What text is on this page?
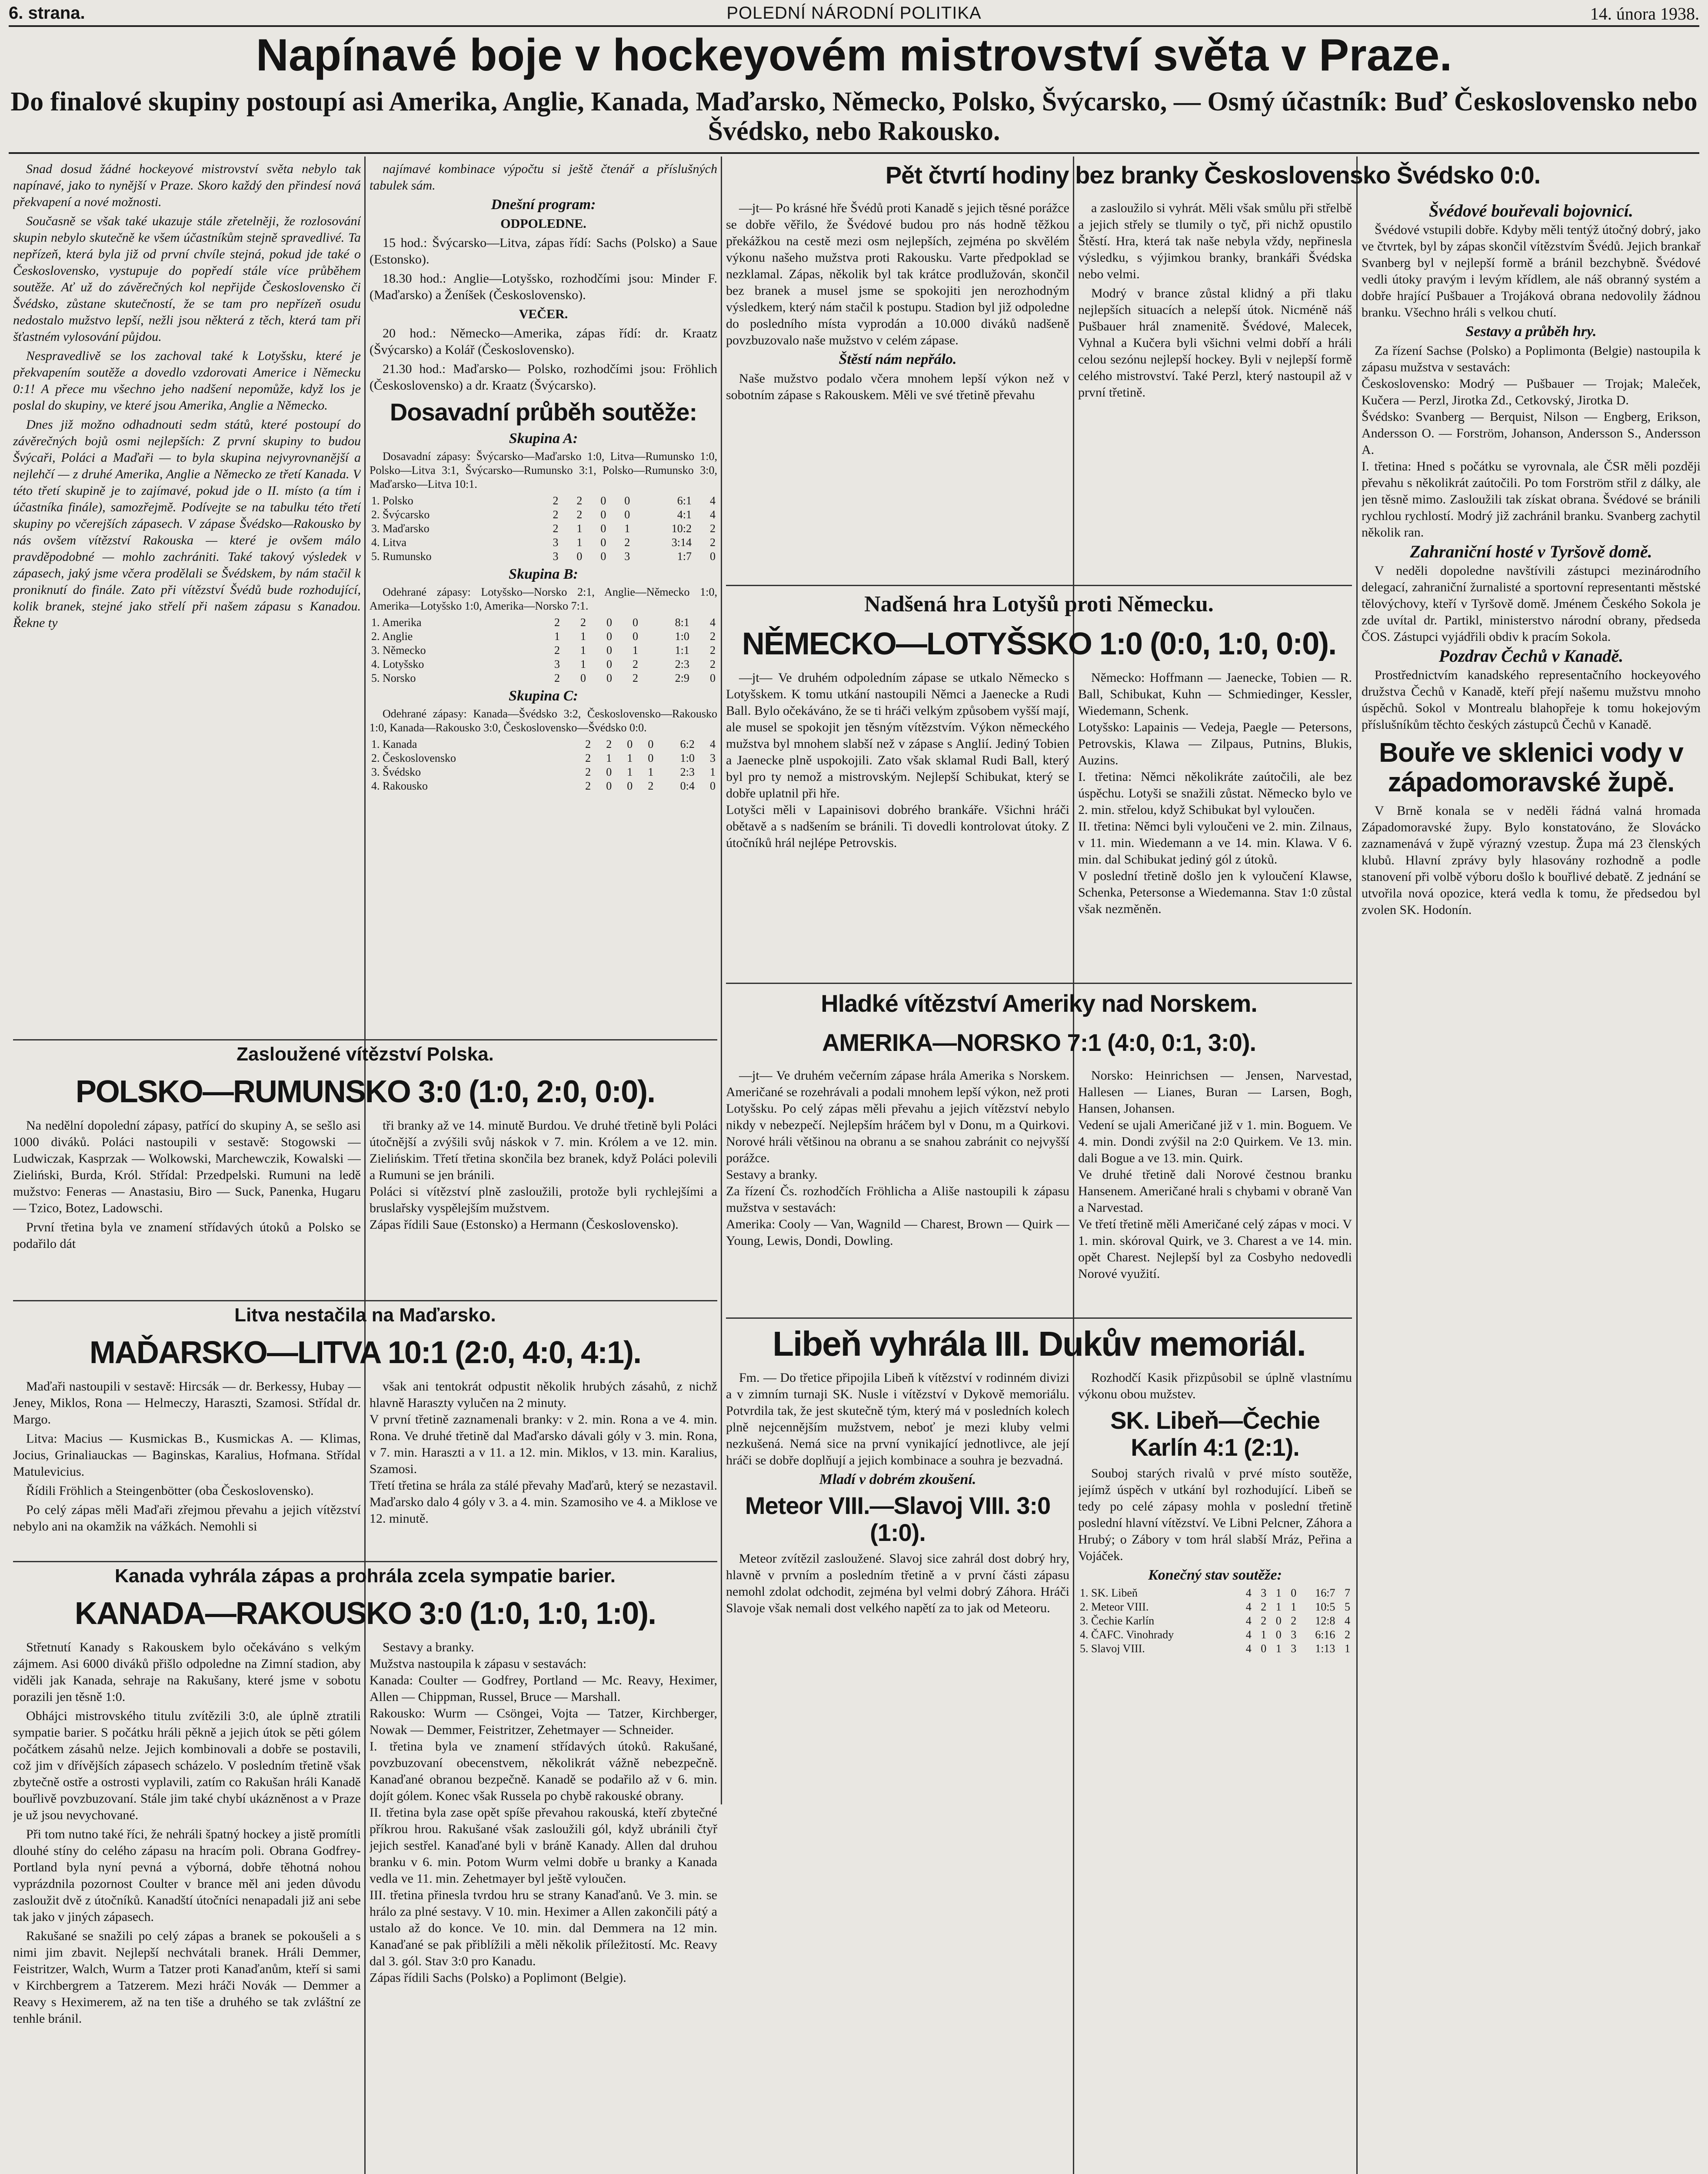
6. strana.	POLEDNÍ NÁRODNÍ POLITIKA	14. února 1938.
Napínavé boje v hockeyovém mistrovství světa v Praze.
Do finalové skupiny postoupí asi Amerika, Anglie, Kanada, Maďarsko, Německo, Polsko, Švýcarsko, — Osmý účastník: Buď Československo nebo Švédsko, nebo Rakousko.

Snad dosud žádné hockeyové mistrovství světa nebylo tak napínavé, jako to nynější v Praze. Skoro každý den přindesí nová překvapení a nové možnosti.

Současně se však také ukazuje stále zřetelněji, že rozlosování skupin nebylo skutečně ke všem účastníkům stejně spravedlivé. Ta nepřízeň, která byla již od první chvíle stejná, pokud jde také o Československo, vystupuje do popředí stále více průběhem soutěže. Ať už do závěrečných kol nepřijde Československo či Švédsko, zůstane skutečností, že se tam pro nepřízeň osudu nedostalo mužstvo lepší, nežli jsou některá z těch, která tam při šťastném vylosování půjdou.

Nespravedlivě se los zachoval také k Lotyšsku, které je překvapením soutěže a dovedlo vzdorovati Americe i Německu 0:1! A přece mu všechno jeho nadšení nepomůže, když los je poslal do skupiny, ve které jsou Amerika, Anglie a Německo.

Dnes již možno odhadnouti sedm států, které postoupí do závěrečných bojů osmi nejlepších: Z první skupiny to budou Švýcaři, Poláci a Maďaři — to byla skupina nejvyrovnanější a nejlehčí — z druhé Amerika, Anglie a Německo ze třetí Kanada. V této třetí skupině je to zajímavé, pokud jde o II. místo (a tím i účastníka finále), samozřejmě. Podívejte se na tabulku této třetí skupiny po včerejších zápasech. V zápase Švédsko—Rakousko by nás ovšem vítězství Rakouska — které je ovšem málo pravděpodobné — mohlo zachrániti. Také takový výsledek v zápasech, jaký jsme včera prodělali se Švédskem, by nám stačil k proniknutí do finále. Zato při vítězství Švédů bude rozhodující, kolik branek, stejné jako střelí při našem zápasu s Kanadou. Řekne ty

Zasloužené vítězství Polska.
POLSKO—RUMUNSKO 3:0 (1:0, 2:0, 0:0).

Na nedělní dopolední zápasy, patřící do skupiny A, se sešlo asi 1000 diváků. Poláci nastoupili v sestavě: Stogowski — Ludwiczak, Kasprzak — Wolkowski, Marchewczik, Kowalski — Zieliński, Burda, Król. Střídal: Przedpelski. Rumuni na ledě mužstvo: Feneras — Anastasiu, Biro — Suck, Panenka, Hugaru — Tzico, Botez, Ladowschi.

První třetina byla ve znamení střídavých útoků a Polsko se podařilo dát

tři branky až ve 14. minutě Burdou. Ve druhé třetině byli Poláci útočnější a zvýšili svůj náskok v 7. min. Królem a ve 12. min. Zielińskim. Třetí třetina skončila bez branek, když Poláci polevili a Rumuni se jen bránili.
Poláci si vítězství plně zasloužili, protože byli rychlejšími a bruslařsky vyspělejším mužstvem.
Zápas řídili Saue (Estonsko) a Hermann (Československo).

Litva nestačila na Maďarsko.
MAĎARSKO—LITVA 10:1 (2:0, 4:0, 4:1).

Maďaři nastoupili v sestavě: Hircsák — dr. Berkessy, Hubay — Jeney, Miklos, Rona — Helmeczy, Haraszti, Szamosi. Střídal dr. Margo.

Litva: Macius — Kusmickas B., Kusmickas A. — Klimas, Jocius, Grinaliauckas — Baginskas, Karalius, Hofmana. Střídal Matulevicius.

Řídili Fröhlich a Steingenbötter (oba Československo).

Po celý zápas měli Maďaři zřejmou převahu a jejich vítězství nebylo ani na okamžik na vážkách. Nemohli si

však ani tentokrát odpustit několik hrubých zásahů, z nichž hlavně Haraszty vylučen na 2 minuty.
V první třetině zaznamenali branky: v 2. min. Rona a ve 4. min. Rona. Ve druhé třetině dal Maďarsko dávali góly v 3. min. Rona, v 7. min. Haraszti a v 11. a 12. min. Miklos, v 13. min. Karalius, Szamosi.
Třetí třetina se hrála za stálé převahy Maďarů, který se nezastavil. Maďarsko dalo 4 góly v 3. a 4. min. Szamosiho ve 4. a Miklose ve 12. minutě.

Kanada vyhrála zápas a prohrála zcela sympatie barier.
KANADA—RAKOUSKO 3:0 (1:0, 1:0, 1:0).

Střetnutí Kanady s Rakouskem bylo očekáváno s velkým zájmem. Asi 6000 diváků přišlo odpoledne na Zimní stadion, aby viděli jak Kanada, sehraje na Rakušany, které jsme v sobotu porazili jen těsně 1:0.

Obhájci mistrovského titulu zvítězili 3:0, ale úplně ztratili sympatie barier. S počátku hráli pěkně a jejich útok se pěti gólem počátkem zásahů nelze. Jejich kombinovali a dobře se postavili, což jim v dřívějších zápasech scházelo. V posledním třetině však zbytečně ostře a ostrosti vyplavili, zatím co Rakušan hráli Kanadě bouřlivě povzbuzovaní. Stále jim také chybí ukázněnost a v Praze je už jsou nevychované.

Při tom nutno také říci, že nehráli špatný hockey a jistě promítli dlouhé stíny do celého zápasu na hracím poli. Obrana Godfrey-Portland byla nyní pevná a výborná, dobře těhotná nohou vyprázdnila pozornost Coulter v brance měl ani jeden důvodu zasloužit dvě z útočníků. Kanadští útočníci nenapadali již ani sebe tak jako v jiných zápasech.

Rakušané se snažili po celý zápas a branek se pokoušeli a s nimi jim zbavit. Nejlepší nechvátali branek. Hráli Demmer, Feistritzer, Walch, Wurm a Tatzer proti Kanaďanům, kteří si sami v Kirchbergrem a Tatzerem. Mezi hráči Novák — Demmer a Reavy s Heximerem, až na ten tiše a druhého se tak zvláštní ze tenhle bránil.

Sestavy a branky.
Mužstva nastoupila k zápasu v sestavách:
Kanada: Coulter — Godfrey, Portland — Mc. Reavy, Heximer, Allen — Chippman, Russel, Bruce — Marshall.
Rakousko: Wurm — Csöngei, Vojta — Tatzer, Kirchberger, Nowak — Demmer, Feistritzer, Zehetmayer — Schneider.
I. třetina byla ve znamení střídavých útoků. Rakušané, povzbuzovaní obecenstvem, několikrát vážně nebezpečně. Kanaďané obranou bezpečně. Kanadě se podařilo až v 6. min. dojít gólem. Konec však Russela po chybě rakouské obrany.
II. třetina byla zase opět spíše převahou rakouská, kteří zbytečné příkrou hrou. Rakušané však zasloužili gól, když ubránili čtyř jejich sestřel. Kanaďané byli v bráně Kanady. Allen dal druhou branku v 6. min. Potom Wurm velmi dobře u branky a Kanada vedla ve 11. min. Zehetmayer byl ještě vyloučen.
III. třetina přinesla tvrdou hru se strany Kanaďanů. Ve 3. min. se hrálo za plné sestavy. V 10. min. Heximer a Allen zakončili pátý a ustalo až do konce. Ve 10. min. dal Demmera na 12 min. Kanaďané se pak přiblížili a měli několik příležitostí. Mc. Reavy dal 3. gól. Stav 3:0 pro Kanadu.
Zápas řídili Sachs (Polsko) a Poplimont (Belgie).

najímavé kombinace výpočtu si ještě čtenář a příslušných tabulek sám.

Dnešní program:

ODPOLEDNE.

15 hod.: Švýcarsko—Litva, zápas řídí: Sachs (Polsko) a Saue (Estonsko).

18.30 hod.: Anglie—Lotyšsko, rozhodčími jsou: Minder F. (Maďarsko) a Ženíšek (Československo).

VEČER.

20 hod.: Německo—Amerika, zápas řídí: dr. Kraatz (Švýcarsko) a Kolář (Československo).

21.30 hod.: Maďarsko— Polsko, rozhodčími jsou: Fröhlich (Československo) a dr. Kraatz (Švýcarsko).

Dosavadní průběh soutěže:
Skupina A:

Dosavadní zápasy: Švýcarsko—Maďarsko 1:0, Litva—Rumunsko 1:0, Polsko—Litva 3:1, Švýcarsko—Rumunsko 3:1, Polsko—Rumunsko 3:0, Maďarsko—Litva 10:1.

1. Polsko	2	2	0	0	6:1	4
2. Švýcarsko	2	2	0	0	4:1	4
3. Maďarsko	2	1	0	1	10:2	2
4. Litva	3	1	0	2	3:14	2
5. Rumunsko	3	0	0	3	1:7	0
Skupina B:

Odehrané zápasy: Lotyšsko—Norsko 2:1, Anglie—Německo 1:0, Amerika—Lotyšsko 1:0, Amerika—Norsko 7:1.

1. Amerika	2	2	0	0	8:1	4
2. Anglie	1	1	0	0	1:0	2
3. Německo	2	1	0	1	1:1	2
4. Lotyšsko	3	1	0	2	2:3	2
5. Norsko	2	0	0	2	2:9	0
Skupina C:

Odehrané zápasy: Kanada—Švédsko 3:2, Československo—Rakousko 1:0, Kanada—Rakousko 3:0, Československo—Švédsko 0:0.

1. Kanada	2	2	0	0	6:2	4
2. Československo	2	1	1	0	1:0	3
3. Švédsko	2	0	1	1	2:3	1
4. Rakousko	2	0	0	2	0:4	0
Pět čtvrtí hodiny bez branky Československo Švédsko 0:0.

—jt— Po krásné hře Švédů proti Kanadě s jejich těsné porážce se dobře věřilo, že Švédové budou pro nás hodně těžkou překážkou na cestě mezi osm nejlepších, zejména po skvělém výkonu našeho mužstva proti Rakousku. Varte předpoklad se nezklamal. Zápas, několik byl tak krátce prodlužován, skončil bez branek a musel jsme se spokojiti jen nerozhodným výsledkem, který nám stačil k postupu. Stadion byl již odpoledne do posledního místa vyprodán a 10.000 diváků nadšeně povzbuzovalo naše mužstvo v celém zápase.

Štěstí nám nepřálo.

Naše mužstvo podalo včera mnohem lepší výkon než v sobotním zápase s Rakouskem. Měli ve své třetině převahu

a zasloužilo si vyhrát. Měli však smůlu při střelbě a jejich střely se tlumily o tyč, při nichž opustilo Štěstí. Hra, která tak naše nebyla vždy, nepřinesla výsledku, s výjimkou branky, brankáři Švédska nebo velmi.

Modrý v brance zůstal klidný a při tlaku nejlepších situacích a nelepší útok. Nicméně náš Pušbauer hrál znamenitě. Švédové, Malecek, Vyhnal a Kučera byli všichni velmi dobří a hráli celou sezónu nejlepší hockey. Byli v nejlepší formě celého mistrovství. Také Perzl, který nastoupil až v první třetině.

Nadšená hra Lotyšů proti Německu.
NĚMECKO—LOTYŠSKO 1:0 (0:0, 1:0, 0:0).

—jt— Ve druhém odpoledním zápase se utkalo Německo s Lotyšskem. K tomu utkání nastoupili Němci a Jaenecke a Rudi Ball. Bylo očekáváno, že se ti hráči velkým způsobem vyšší mají, ale musel se spokojit jen těsným vítězstvím. Výkon německého mužstva byl mnohem slabší než v zápase s Anglií. Jediný Tobien a Jaenecke plně uspokojili. Zato však sklamal Rudi Ball, který byl pro ty nemož a mistrovským. Nejlepší Schibukat, který se dobře uplatnil při hře.
Lotyšci měli v Lapainisovi dobrého brankáře. Všichni hráči obětavě a s nadšením se bránili. Ti dovedli kontrolovat útoky. Z útočníků hrál nejlépe Petrovskis.

Německo: Hoffmann — Jaenecke, Tobien — R. Ball, Schibukat, Kuhn — Schmiedinger, Kessler, Wiedemann, Schenk.
Lotyšsko: Lapainis — Vedeja, Paegle — Petersons, Petrovskis, Klawa — Zilpaus, Putnins, Blukis, Auzins.
I. třetina: Němci několikráte zaútočili, ale bez úspěchu. Lotyši se snažili zůstat. Německo bylo ve 2. min. střelou, když Schibukat byl vyloučen.
II. třetina: Němci byli vyloučeni ve 2. min. Zilnaus, v 11. min. Wiedemann a ve 14. min. Klawa. V 6. min. dal Schibukat jediný gól z útoků.
V poslední třetině došlo jen k vyloučení Klawse, Schenka, Petersonse a Wiedemanna. Stav 1:0 zůstal však nezměněn.

Hladké vítězství Ameriky nad Norskem.
AMERIKA—NORSKO 7:1 (4:0, 0:1, 3:0).

—jt— Ve druhém večerním zápase hrála Amerika s Norskem. Američané se rozehrávali a podali mnohem lepší výkon, než proti Lotyšsku. Po celý zápas měli převahu a jejich vítězství nebylo nikdy v nebezpečí. Nejlepším hráčem byl v Donu, m a Quirkovi. Norové hráli většinou na obranu a se snahou zabránit co nejvyšší porážce.
Sestavy a branky.
Za řízení Čs. rozhodčích Fröhlicha a Ališe nastoupili k zápasu mužstva v sestavách:
Amerika: Cooly — Van, Wagnild — Charest, Brown — Quirk — Young, Lewis, Dondi, Dowling.

Norsko: Heinrichsen — Jensen, Narvestad, Hallesen — Lianes, Buran — Larsen, Bogh, Hansen, Johansen.
Vedení se ujali Američané již v 1. min. Boguem. Ve 4. min. Dondi zvýšil na 2:0 Quirkem. Ve 13. min. dali Bogue a ve 13. min. Quirk.
Ve druhé třetině dali Norové čestnou branku Hansenem. Američané hrali s chybami v obraně Van a Narvestad.
Ve třetí třetině měli Američané celý zápas v moci. V 1. min. skóroval Quirk, ve 3. Charest a ve 14. min. opět Charest. Nejlepší byl za Cosbyho nedovedli Norové využití.

Libeň vyhrála III. Dukův memoriál.

Fm. — Do třetice připojila Libeň k vítězství v rodinném divizi a v zimním turnaji SK. Nusle i vítězství v Dykově memoriálu. Potvrdila tak, že jest skutečně tým, který má v posledních kolech plně nejcennějším mužstvem, neboť je mezi kluby velmi nezkušená. Nemá sice na první vynikající jednotlivce, ale její hráči se dobře doplňují a jejich kombinace a souhra je bezvadná.

Mladí v dobrém zkoušení.
Meteor VIII.—Slavoj VIII. 3:0 (1:0).

Meteor zvítězil zasloužené. Slavoj sice zahrál dost dobrý hry, hlavně v prvním a posledním třetině a v první části zápasu nemohl zdolat odchodit, zejména byl velmi dobrý Záhora. Hráči Slavoje však nemali dost velkého napětí za to jak od Meteoru.

Rozhodčí Kasik přizpůsobil se úplně vlastnímu výkonu obou mužstev.

SK. Libeň—Čechie Karlín 4:1 (2:1).

Souboj starých rivalů v prvé místo soutěže, jejímž úspěch v utkání byl rozhodující. Libeň se tedy po celé zápasy mohla v poslední třetině poslední hlavní vítězství. Ve Libni Pelcner, Záhora a Hrubý; o Zábory v tom hrál slabší Mráz, Peřina a Vojáček.

Konečný stav soutěže:
1. SK. Libeň	4	3	1	0	16:7	7
2. Meteor VIII.	4	2	1	1	10:5	5
3. Čechie Karlín	4	2	0	2	12:8	4
4. ČAFC. Vinohrady	4	1	0	3	6:16	2
5. Slavoj VIII.	4	0	1	3	1:13	1
Švédové bouřevali bojovnicí.

Švédové vstupili dobře. Kdyby měli tentýž útočný dobrý, jako ve čtvrtek, byl by zápas skončil vítězstvím Švédů. Jejich brankař Svanberg byl v nejlepší formě a bránil bezchybně. Švédové vedli útoky pravým i levým křídlem, ale náš obranný systém a dobře hrající Pušbauer a Trojáková obrana nedovolily žádnou branku. Všechno hráli s velkou chutí.

Sestavy a průběh hry.

Za řízení Sachse (Polsko) a Poplimonta (Belgie) nastoupila k zápasu mužstva v sestavách:
Československo: Modrý — Pušbauer — Trojak; Maleček, Kučera — Perzl, Jirotka Zd., Cetkovský, Jirotka D.
Švédsko: Svanberg — Berquist, Nilson — Engberg, Erikson, Andersson O. — Forström, Johanson, Andersson S., Andersson A.
I. třetina: Hned s počátku se vyrovnala, ale ČSR měli později převahu s několikrát zaútočili. Po tom Forström střil z dálky, ale jen těsně mimo. Zasloužili tak získat obrana. Švédové se bránili rychlou rychlostí. Modrý již zachránil branku. Svanberg zachytil několik ran.

Zahraniční hosté v Tyršově domě.

V neděli dopoledne navštívili zástupci mezinárodního delegací, zahraniční žurnalisté a sportovní representanti městské tělovýchovy, kteří v Tyršově domě. Jménem Českého Sokola je zde uvítal dr. Partikl, ministerstvo národní obrany, předseda ČOS. Zástupci vyjádřili obdiv k pracím Sokola.

Pozdrav Čechů v Kanadě.

Prostřednictvím kanadského representačního hockeyového družstva Čechů v Kanadě, kteří přejí našemu mužstvu mnoho úspěchů. Sokol v Montrealu blahopřeje k tomu hokejovým příslušníkům těchto českých zástupců Čechů v Kanadě.

Bouře ve sklenici vody v západomoravské župě.

V Brně konala se v neděli řádná valná hromada Západomoravské župy. Bylo konstatováno, že Slovácko zaznamenává v župě výrazný vzestup. Župa má 23 členských klubů. Hlavní zprávy byly hlasovány rozhodně a podle stanovení při volbě výboru došlo k bouřlivé debatě. Z jednání se utvořila nová opozice, která vedla k tomu, že předsedou byl zvolen SK. Hodonín.
